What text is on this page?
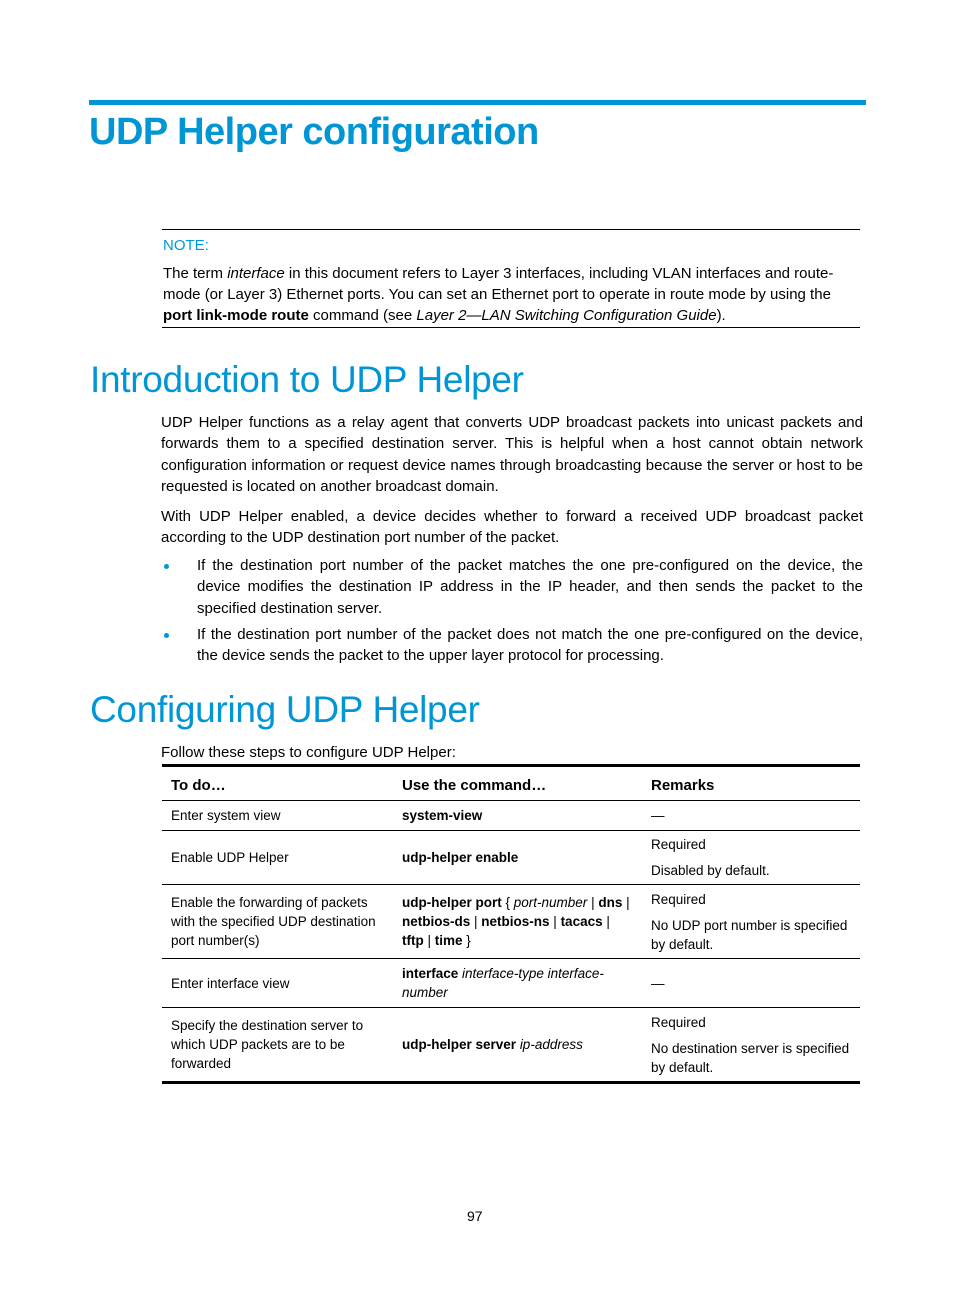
UDP Helper configuration
NOTE:
The term interface in this document refers to Layer 3 interfaces, including VLAN interfaces and route-mode (or Layer 3) Ethernet ports. You can set an Ethernet port to operate in route mode by using the port link-mode route command (see Layer 2—LAN Switching Configuration Guide).
Introduction to UDP Helper
UDP Helper functions as a relay agent that converts UDP broadcast packets into unicast packets and forwards them to a specified destination server. This is helpful when a host cannot obtain network configuration information or request device names through broadcasting because the server or host to be requested is located on another broadcast domain.
With UDP Helper enabled, a device decides whether to forward a received UDP broadcast packet according to the UDP destination port number of the packet.
If the destination port number of the packet matches the one pre-configured on the device, the device modifies the destination IP address in the IP header, and then sends the packet to the specified destination server.
If the destination port number of the packet does not match the one pre-configured on the device, the device sends the packet to the upper layer protocol for processing.
Configuring UDP Helper
Follow these steps to configure UDP Helper:
To do…	Use the command…	Remarks
Enter system view	system-view	—

Enable UDP Helper	udp-helper enable	Required
Disabled by default.

Enable the forwarding of packets with the specified UDP destination port number(s)	udp-helper port { port-number | dns | netbios-ds | netbios-ns | tacacs | tftp | time }	Required
No UDP port number is specified by default.

Enter interface view	interface interface-type interface-number	—

Specify the destination server to which UDP packets are to be forwarded	udp-helper server ip-address	Required
No destination server is specified by default.
97
